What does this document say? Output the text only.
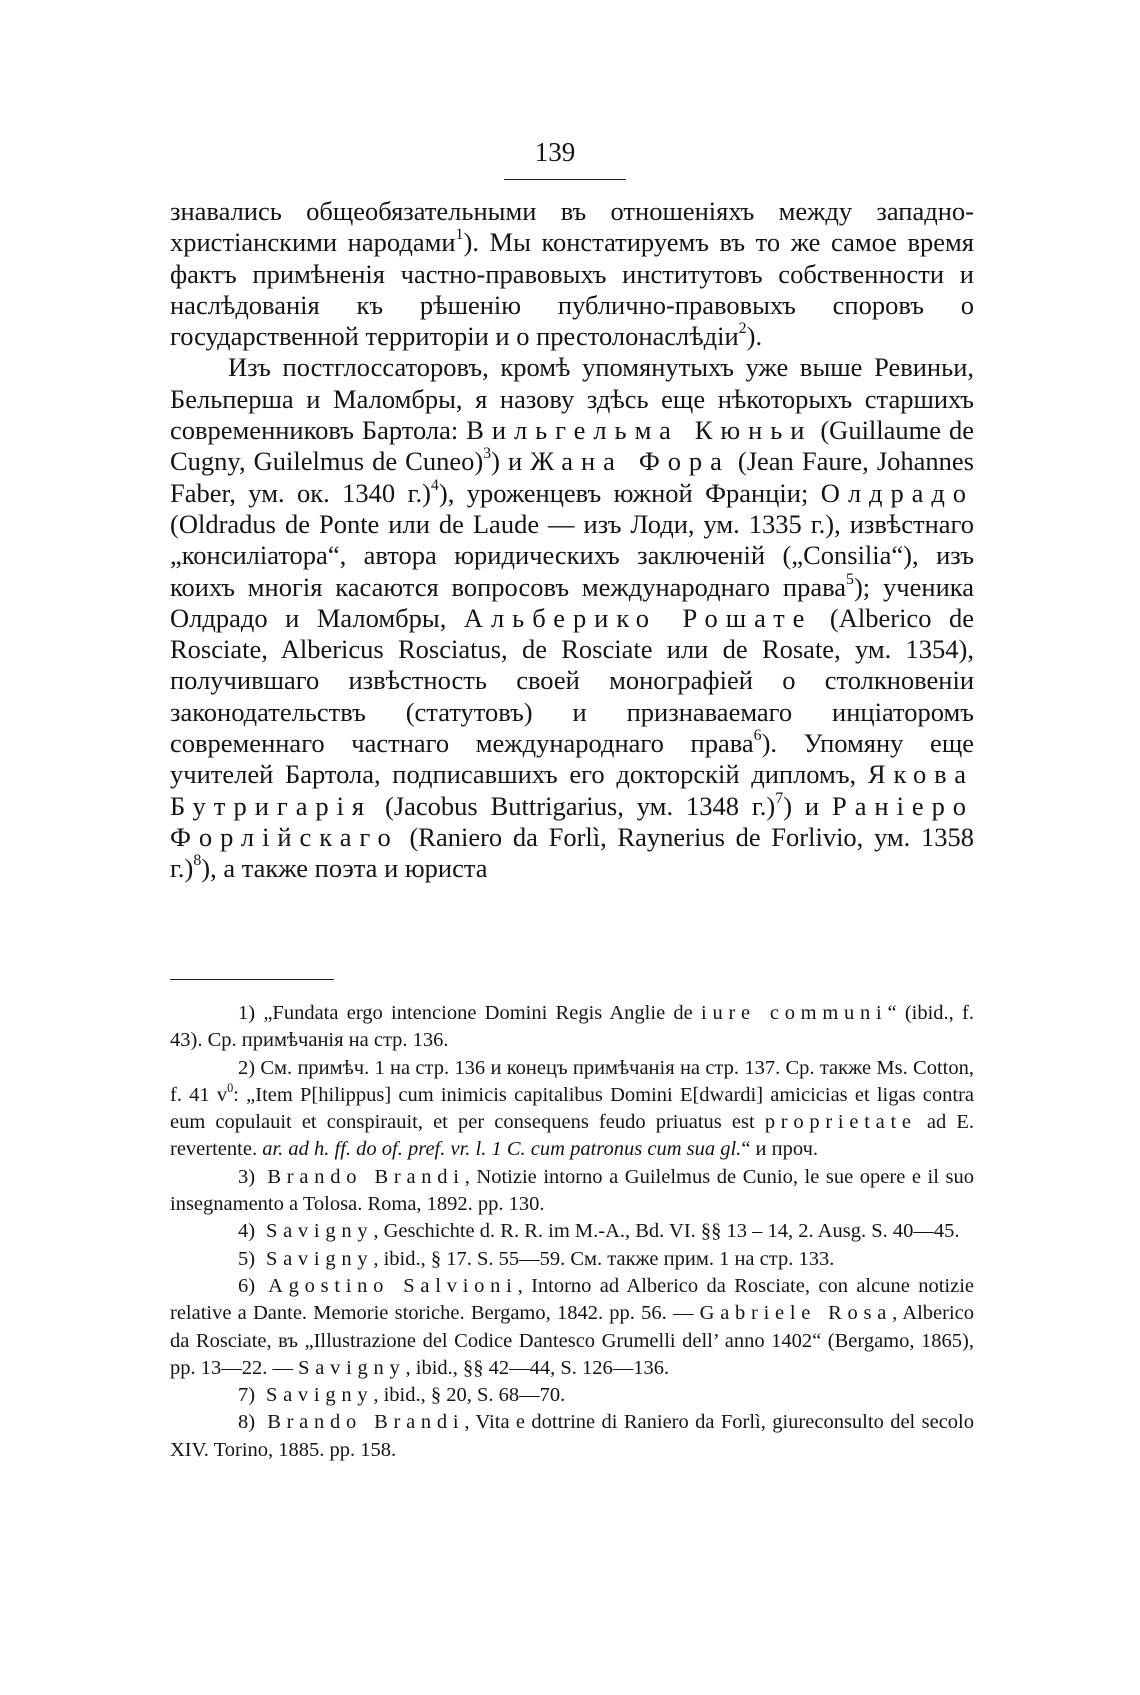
139

знавались общеобязательными въ отношеніяхъ между западно-христіанскими народами$^1$). Мы констатируемъ въ то же самое время фактъ примѣненія частно-правовыхъ институтовъ собственности и наслѣдованія къ рѣшенію публично-правовыхъ споровъ о государственной территоріи и о престолонаслѣдіи$^2$).

Изъ постглоссаторовъ, кромѣ упомянутыхъ уже выше Ревиньи, Бельперша и Маломбры, я назову здѣсь еще нѣкоторыхъ старшихъ современниковъ Бартола: Вильгельма Кюньи (Guillaume de Cugny, Guilelmus de Cuneo)$^3$) и Жана Фора (Jean Faure, Johannes Faber, ум. ок. 1340 г.)$^4$), уроженцевъ южной Франціи; Олдрадо (Oldradus de Ponte или de Laude — изъ Лоди, ум. 1335 г.), извѣстнаго „консиліатора“, автора юридическихъ заключеній („Consilia“), изъ коихъ многія касаются вопросовъ международнаго права$^5$); ученика Олдрадо и Маломбры, Альберико Рошате (Alberico de Rosciate, Albericus Rosciatus, de Rosciate или de Rosate, ум. 1354), получившаго извѣстность своей монографіей о столкновеніи законодательствъ (статутовъ) и признаваемаго инціаторомъ современнаго частнаго международнаго права$^6$). Упомяну еще учителей Бартола, подписавшихъ его докторскій дипломъ, Якова Бутригарія (Jacobus Buttrigarius, ум. 1348 г.)$^7$) и Раніеро Форлійскаго (Raniero da Forlì, Raynerius de Forlivio, ум. 1358 г.)$^8$), а также поэта и юриста

1) „Fundata ergo intencione Domini Regis Anglie de iure communi“ (ibid., f. 43). Ср. примѣчанія на стр. 136.

2) См. примѣч. 1 на стр. 136 и конецъ примѣчанія на стр. 137. Ср. также Ms. Cotton, f. 41 $v^0$: „Item P[hilippus] cum inimicis capitalibus Domini E[dwardi] amicicias et ligas contra eum copulauit et conspirauit, et per consequens feudo priuatus est proprietate ad E. revertente. ar. ad h. ff. do of. pref. vr. l. 1 C. cum patronus cum sua gl.“ и проч.

3) Brando Brandi, Notizie intorno a Guilelmus de Cunio, le sue opere e il suo insegnamento a Tolosa. Roma, 1892. pp. 130.

4) Savigny, Geschichte d. R. R. im M.-A., Bd. VI. §§ 13 – 14, 2. Ausg. S. 40—45.

5) Savigny, ibid., § 17. S. 55—59. См. также прим. 1 на стр. 133.

6) Agostino Salvioni, Intorno ad Alberico da Rosciate, con alcune notizie relative a Dante. Memorie storiche. Bergamo, 1842. pp. 56. — Gabriele Rosa, Alberico da Rosciate, въ „Illustrazione del Codice Dantesco Grumelli dell’ anno 1402“ (Bergamo, 1865), pp. 13—22. — Savigny, ibid., §§ 42—44, S. 126—136.

7) Savigny, ibid., § 20, S. 68—70.

8) Brando Brandi, Vita e dottrine di Raniero da Forlì, giureconsulto del secolo XIV. Torino, 1885. pp. 158.
